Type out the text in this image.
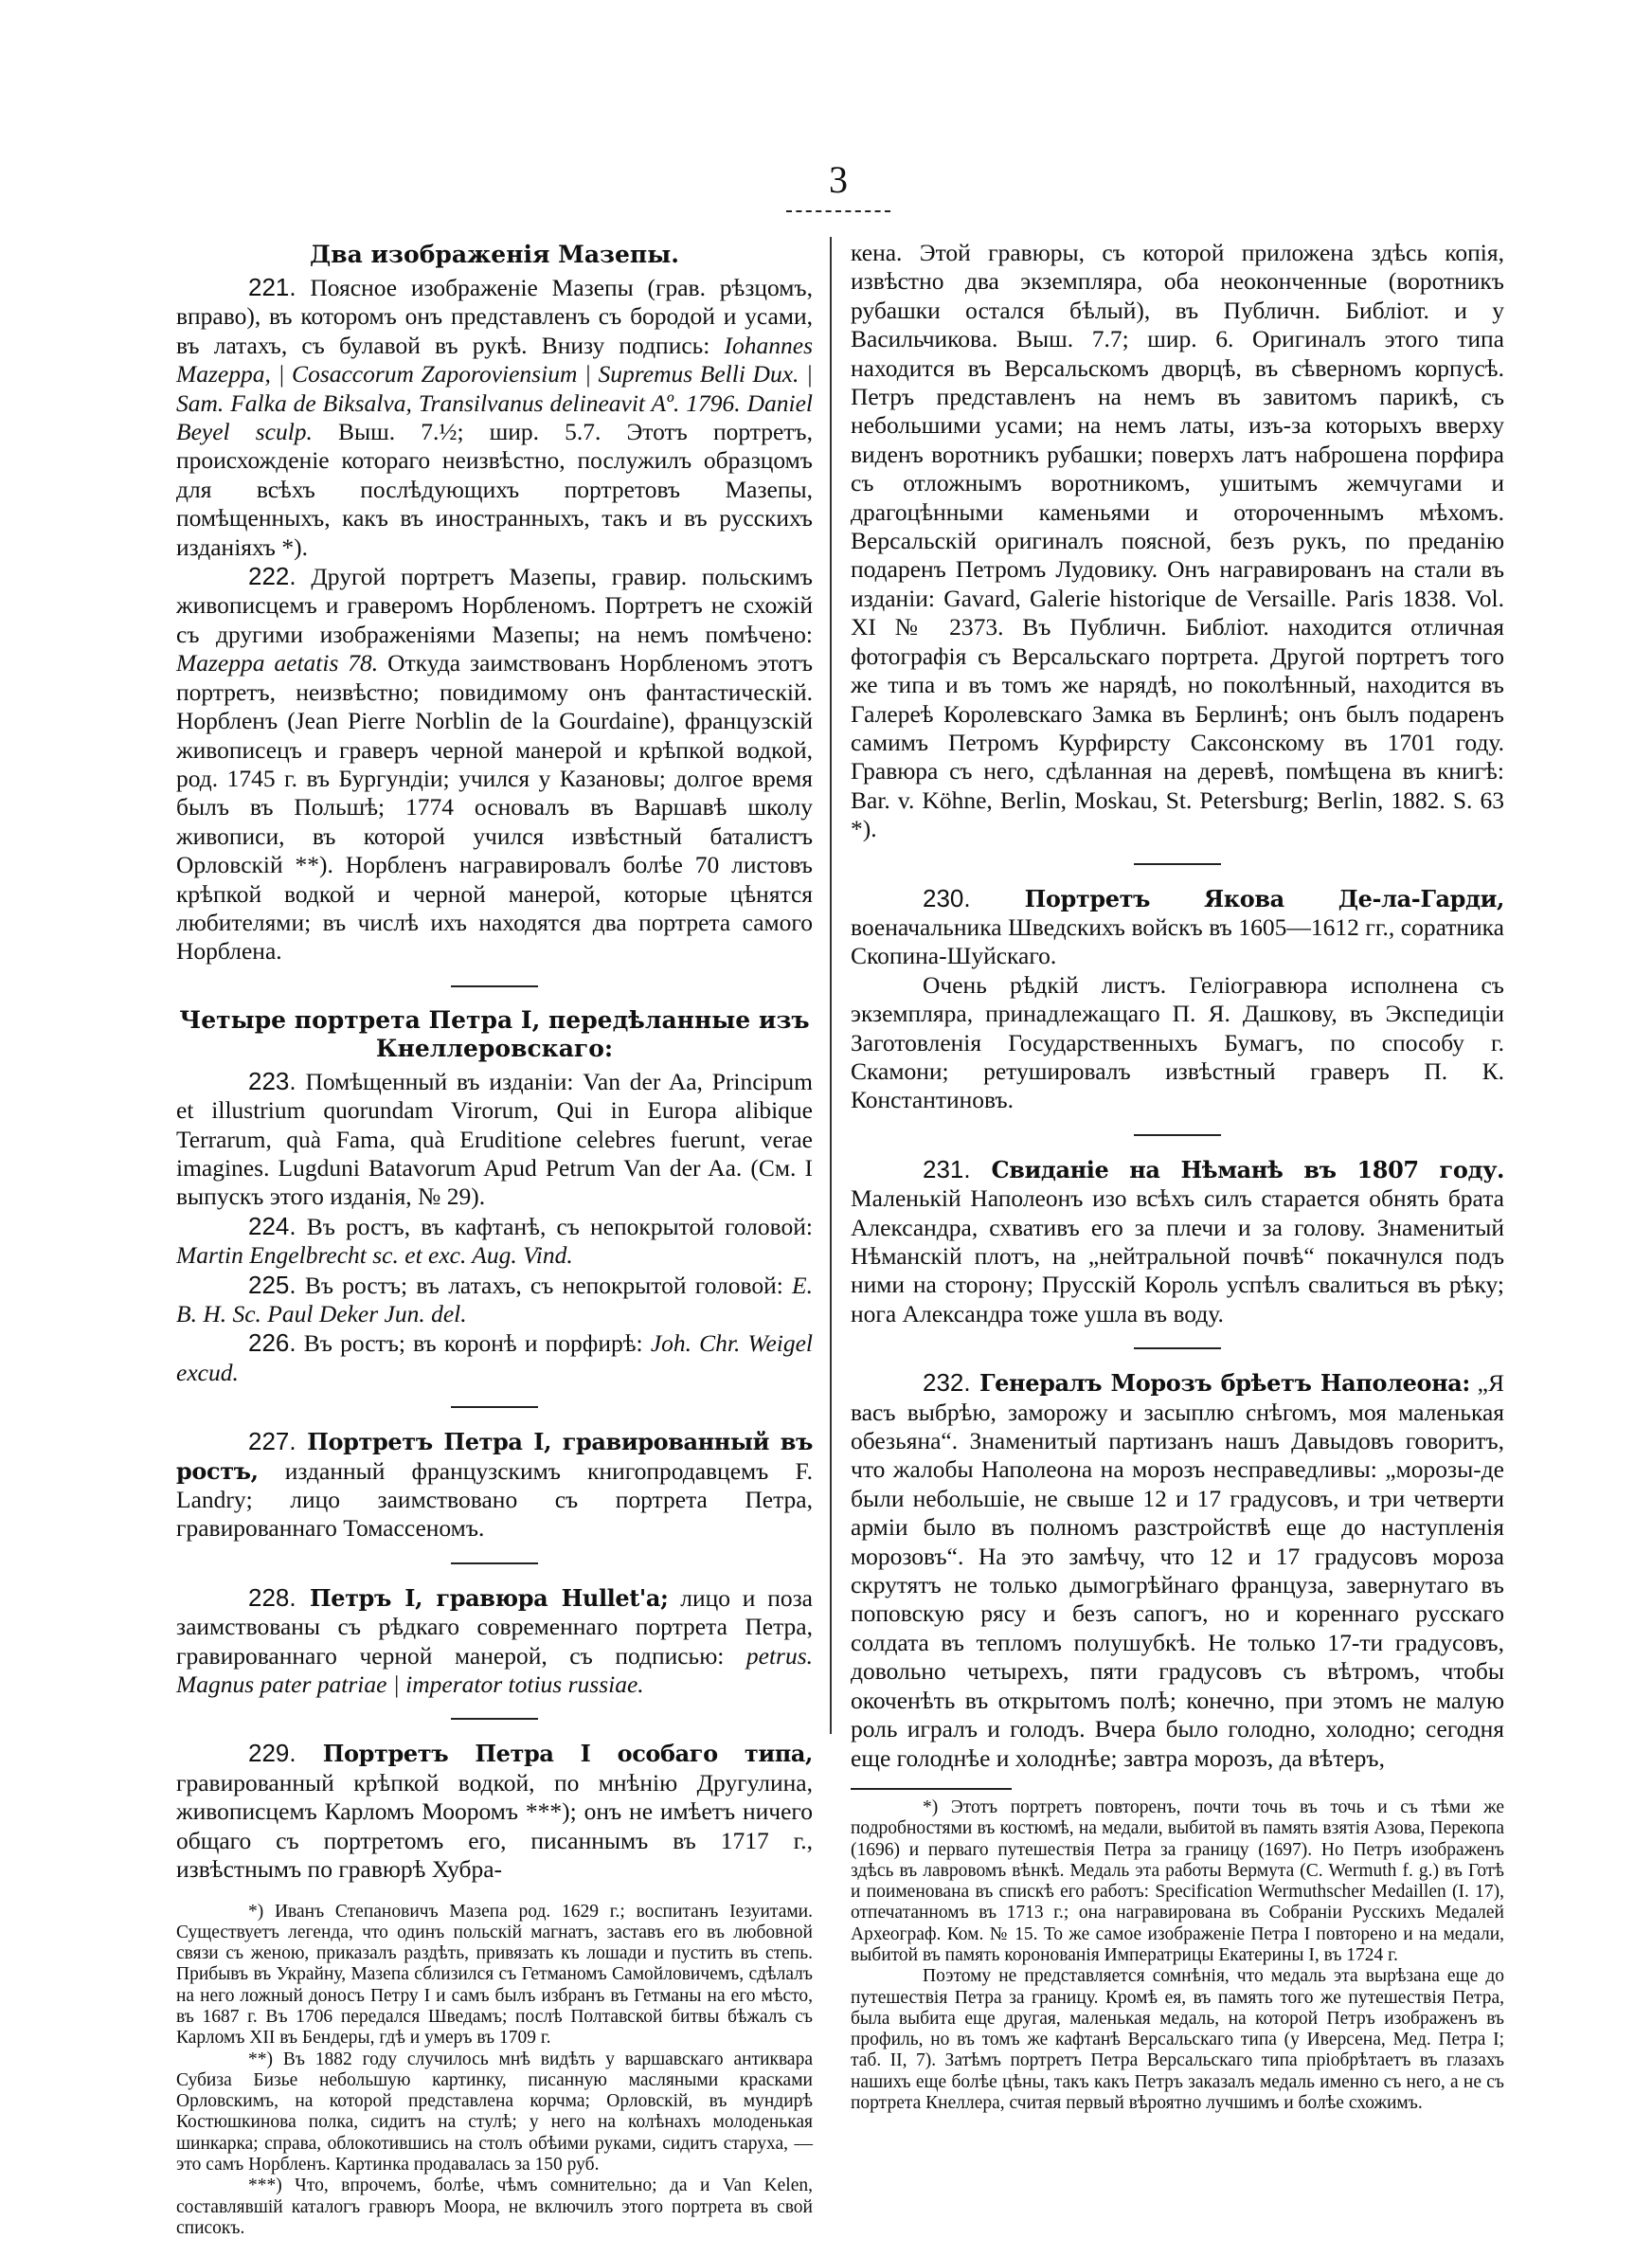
3
Два изображенія Мазепы.

221. Поясное изображеніе Мазепы (грав. рѣзцомъ, вправо), въ которомъ онъ представленъ съ бородой и усами, въ латахъ, съ булавой въ рукѣ. Внизу подпись: Iohannes Mazeppa, | Cosaccorum Zaporoviensium | Supremus Belli Dux. | Sam. Falka de Biksalva, Transilvanus delineavit Aº. 1796. Daniel Beyel sculp. Выш. 7.½; шир. 5.7. Этотъ портретъ, происхожденіе котораго неизвѣстно, послужилъ образцомъ для всѣхъ послѣдующихъ портретовъ Мазепы, помѣщенныхъ, какъ въ иностранныхъ, такъ и въ русскихъ изданіяхъ *).

222. Другой портретъ Мазепы, гравир. польскимъ живописцемъ и граверомъ Норбленомъ. Портретъ не схожій съ другими изображеніями Мазепы; на немъ помѣчено: Mazeppa aetatis 78. Откуда заимствованъ Норбленомъ этотъ портретъ, неизвѣстно; повидимому онъ фантастическій. Норбленъ (Jean Pierre Norblin de la Gourdaine), французскій живописецъ и граверъ черной манерой и крѣпкой водкой, род. 1745 г. въ Бургундіи; учился у Казановы; долгое время былъ въ Польшѣ; 1774 основалъ въ Варшавѣ школу живописи, въ которой учился извѣстный баталистъ Орловскій **). Норбленъ награвировалъ болѣе 70 листовъ крѣпкой водкой и черной манерой, которые цѣнятся любителями; въ числѣ ихъ находятся два портрета самого Норблена.

Четыре портрета Петра I, передѣланные изъ Кнеллеровскаго:

223. Помѣщенный въ изданіи: Van der Aa, Principum et illustrium quorundam Virorum, Qui in Europa alibique Terrarum, quà Fama, quà Eruditione celebres fuerunt, verae imagines. Lugduni Batavorum Apud Petrum Van der Aa. (См. I выпускъ этого изданія, № 29).

224. Въ ростъ, въ кафтанѣ, съ непокрытой головой: Martin Engelbrecht sc. et exc. Aug. Vind.

225. Въ ростъ; въ латахъ, съ непокрытой головой: E. B. H. Sc. Paul Deker Jun. del.

226. Въ ростъ; въ коронѣ и порфирѣ: Joh. Chr. Weigel excud.

227. Портретъ Петра I, гравированный въ ростъ, изданный французскимъ книгопродавцемъ F. Landry; лицо заимствовано съ портрета Петра, гравированнаго Томассеномъ.

228. Петръ I, гравюра Hullet'a; лицо и поза заимствованы съ рѣдкаго современнаго портрета Петра, гравированнаго черной манерой, съ подписью: petrus. Magnus pater patriae | imperator totius russiae.

229. Портретъ Петра I особаго типа, гравированный крѣпкой водкой, по мнѣнію Другулина, живописцемъ Карломъ Мооромъ ***); онъ не имѣетъ ничего общаго съ портретомъ его, писаннымъ въ 1717 г., извѣстнымъ по гравюрѣ Хубра-

*) Иванъ Степановичъ Мазепа род. 1629 г.; воспитанъ Іезуитами. Существуетъ легенда, что одинъ польскій магнатъ, заставъ его въ любовной связи съ женою, приказалъ раздѣть, привязать къ лошади и пустить въ степь. Прибывъ въ Украйну, Мазепа сблизился съ Гетманомъ Самойловичемъ, сдѣлалъ на него ложный доносъ Петру I и самъ былъ избранъ въ Гетманы на его мѣсто, въ 1687 г. Въ 1706 передался Шведамъ; послѣ Полтавской битвы бѣжалъ съ Карломъ XII въ Бендеры, гдѣ и умеръ въ 1709 г.

**) Въ 1882 году случилось мнѣ видѣть у варшавскаго антиквара Субиза Бизье небольшую картинку, писанную масляными красками Орловскимъ, на которой представлена корчма; Орловскій, въ мундирѣ Костюшкинова полка, сидитъ на стулѣ; у него на колѣнахъ молоденькая шинкарка; справа, облокотившись на столъ обѣими руками, сидитъ старуха, — это самъ Норбленъ. Картинка продавалась за 150 руб.

***) Что, впрочемъ, болѣе, чѣмъ сомнительно; да и Van Kelen, составлявшій каталогъ гравюръ Моора, не включилъ этого портрета въ свой списокъ.

кена. Этой гравюры, съ которой приложена здѣсь копія, извѣстно два экземпляра, оба неоконченные (воротникъ рубашки остался бѣлый), въ Публичн. Библіот. и у Васильчикова. Выш. 7.7; шир. 6. Оригиналъ этого типа находится въ Версальскомъ дворцѣ, въ сѣверномъ корпусѣ. Петръ представленъ на немъ въ завитомъ парикѣ, съ небольшими усами; на немъ латы, изъ-за которыхъ вверху виденъ воротникъ рубашки; поверхъ латъ наброшена порфира съ отложнымъ воротникомъ, ушитымъ жемчугами и драгоцѣнными каменьями и отороченнымъ мѣхомъ. Версальскій оригиналъ поясной, безъ рукъ, по преданію подаренъ Петромъ Лудовику. Онъ награвированъ на стали въ изданіи: Gavard, Galerie historique de Versaille. Paris 1838. Vol. XI № 2373. Въ Публичн. Библіот. находится отличная фотографія съ Версальскаго портрета. Другой портретъ того же типа и въ томъ же нарядѣ, но поколѣнный, находится въ Галереѣ Королевскаго Замка въ Берлинѣ; онъ былъ подаренъ самимъ Петромъ Курфирсту Саксонскому въ 1701 году. Гравюра съ него, сдѣланная на деревѣ, помѣщена въ книгѣ: Bar. v. Köhne, Berlin, Moskau, St. Petersburg; Berlin, 1882. S. 63 *).

230. Портретъ Якова Де-ла-Гарди, военачальника Шведскихъ войскъ въ 1605—1612 гг., соратника Скопина-Шуйскаго.

Очень рѣдкій листъ. Геліогравюра исполнена съ экземпляра, принадлежащаго П. Я. Дашкову, въ Экспедиціи Заготовленія Государственныхъ Бумагъ, по способу г. Скамони; ретушировалъ извѣстный граверъ П. К. Константиновъ.

231. Свиданіе на Нѣманѣ въ 1807 году. Маленькій Наполеонъ изо всѣхъ силъ старается обнять брата Александра, схвативъ его за плечи и за голову. Знаменитый Нѣманскій плотъ, на „нейтральной почвѣ“ покачнулся подъ ними на сторону; Прусскій Король успѣлъ свалиться въ рѣку; нога Александра тоже ушла въ воду.

232. Генералъ Морозъ брѣетъ Наполеона: „Я васъ выбрѣю, заморожу и засыплю снѣгомъ, моя маленькая обезьяна“. Знаменитый партизанъ нашъ Давыдовъ говоритъ, что жалобы Наполеона на морозъ несправедливы: „морозы-де были небольшіе, не свыше 12 и 17 градусовъ, и три четверти арміи было въ полномъ разстройствѣ еще до наступленія морозовъ“. На это замѣчу, что 12 и 17 градусовъ мороза скрутятъ не только дымогрѣйнаго француза, завернутаго въ поповскую рясу и безъ сапогъ, но и кореннаго русскаго солдата въ тепломъ полушубкѣ. Не только 17-ти градусовъ, довольно четырехъ, пяти градусовъ съ вѣтромъ, чтобы окоченѣть въ открытомъ полѣ; конечно, при этомъ не малую роль игралъ и голодъ. Вчера было голодно, холодно; сегодня еще голоднѣе и холоднѣе; завтра морозъ, да вѣтеръ,

*) Этотъ портретъ повторенъ, почти точь въ точь и съ тѣми же подробностями въ костюмѣ, на медали, выбитой въ память взятія Азова, Перекопа (1696) и перваго путешествія Петра за границу (1697). Но Петръ изображенъ здѣсь въ лавровомъ вѣнкѣ. Медаль эта работы Вермута (C. Wermuth f. g.) въ Готѣ и поименована въ спискѣ его работъ: Specification Wermuthscher Medaillen (I. 17), отпечатанномъ въ 1713 г.; она награвирована въ Собраніи Русскихъ Медалей Археограф. Ком. № 15. То же самое изображеніе Петра I повторено и на медали, выбитой въ память коронованія Императрицы Екатерины I, въ 1724 г.

Поэтому не представляется сомнѣнія, что медаль эта вырѣзана еще до путешествія Петра за границу. Кромѣ ея, въ память того же путешествія Петра, была выбита еще другая, маленькая медаль, на которой Петръ изображенъ въ профиль, но въ томъ же кафтанѣ Версальскаго типа (у Иверсена, Мед. Петра I; таб. II, 7). Затѣмъ портретъ Петра Версальскаго типа пріобрѣтаетъ въ глазахъ нашихъ еще болѣе цѣны, такъ какъ Петръ заказалъ медаль именно съ него, а не съ портрета Кнеллера, считая первый вѣроятно лучшимъ и болѣе схожимъ.
